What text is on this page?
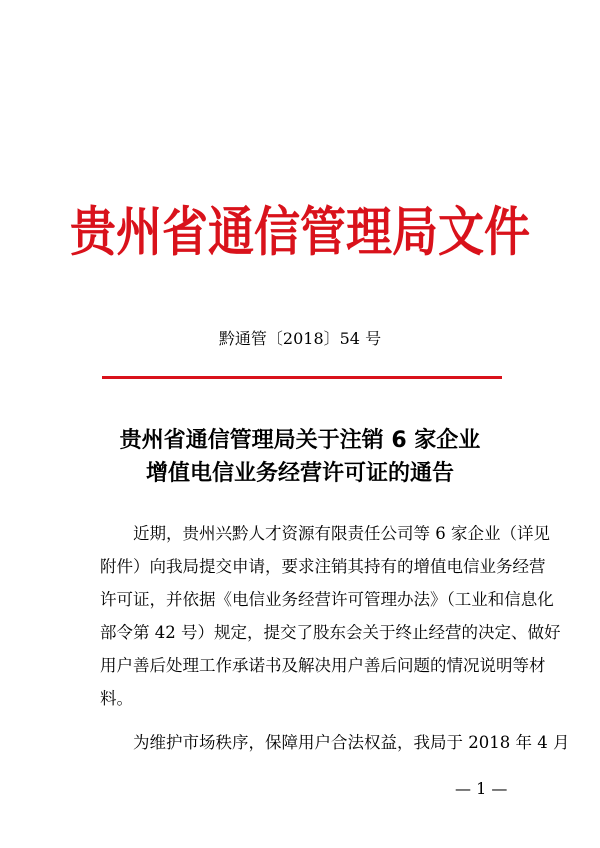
贵州省通信管理局文件
黔通管〔2018〕54 号
贵州省通信管理局关于注销 6 家企业
增值电信业务经营许可证的通告
近期，贵州兴黔人才资源有限责任公司等 6 家企业（详见
附件）向我局提交申请，要求注销其持有的增值电信业务经营
许可证，并依据《电信业务经营许可管理办法》（工业和信息化
部令第 42 号）规定，提交了股东会关于终止经营的决定、做好
用户善后处理工作承诺书及解决用户善后问题的情况说明等材
料。
为维护市场秩序，保障用户合法权益，我局于 2018 年 4 月
— 1 —
